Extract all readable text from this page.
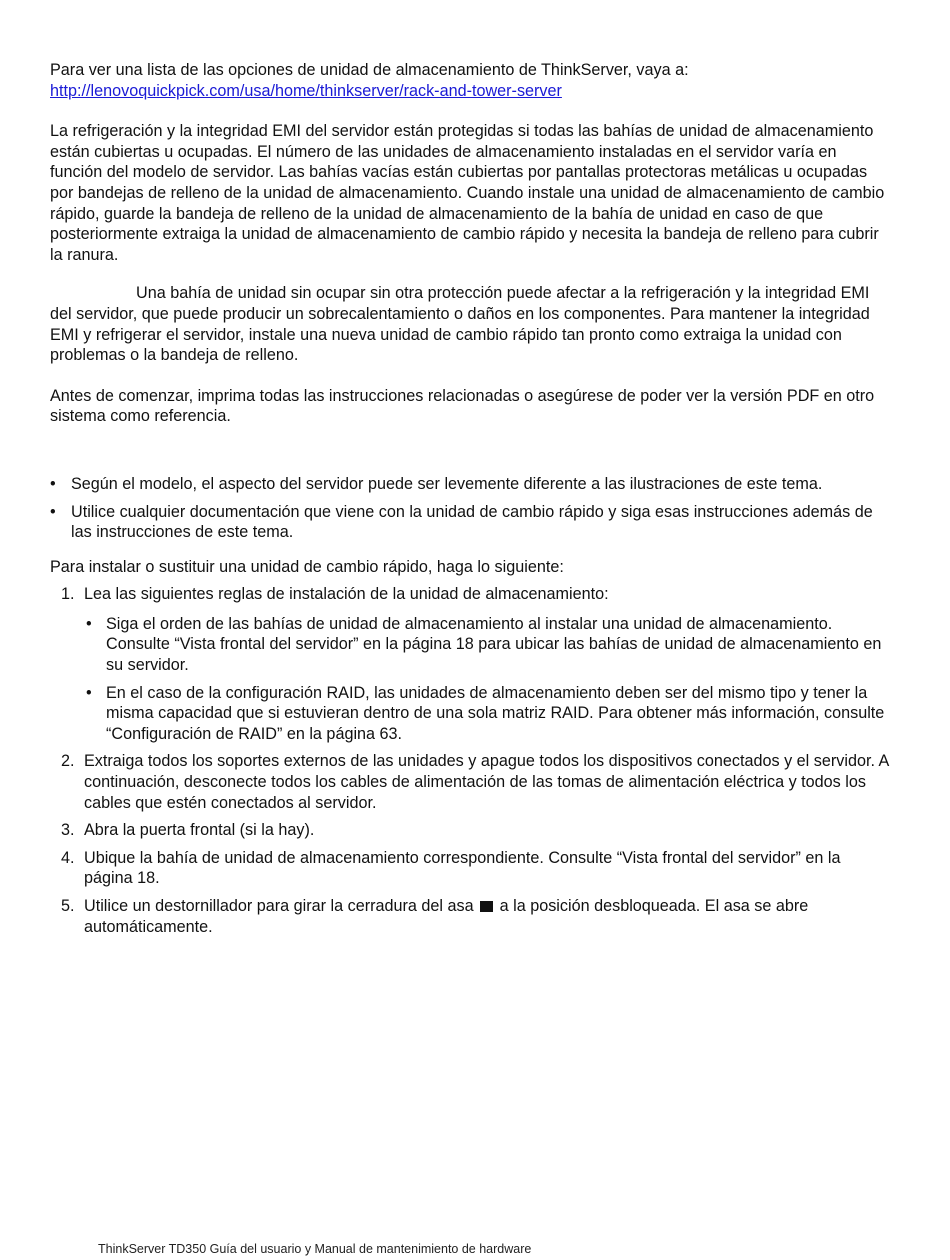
Para ver una lista de las opciones de unidad de almacenamiento de ThinkServer, vaya a:
http://lenovoquickpick.com/usa/home/thinkserver/rack-and-tower-server

La refrigeración y la integridad EMI del servidor están protegidas si todas las bahías de unidad de almacenamiento están cubiertas u ocupadas. El número de las unidades de almacenamiento instaladas en el servidor varía en función del modelo de servidor. Las bahías vacías están cubiertas por pantallas protectoras metálicas u ocupadas por bandejas de relleno de la unidad de almacenamiento. Cuando instale una unidad de almacenamiento de cambio rápido, guarde la bandeja de relleno de la unidad de almacenamiento de la bahía de unidad en caso de que posteriormente extraiga la unidad de almacenamiento de cambio rápido y necesita la bandeja de relleno para cubrir la ranura.

Una bahía de unidad sin ocupar sin otra protección puede afectar a la refrigeración y la integridad EMI del servidor, que puede producir un sobrecalentamiento o daños en los componentes. Para mantener la integridad EMI y refrigerar el servidor, instale una nueva unidad de cambio rápido tan pronto como extraiga la unidad con problemas o la bandeja de relleno.

Antes de comenzar, imprima todas las instrucciones relacionadas o asegúrese de poder ver la versión PDF en otro sistema como referencia.

• Según el modelo, el aspecto del servidor puede ser levemente diferente a las ilustraciones de este tema.
• Utilice cualquier documentación que viene con la unidad de cambio rápido y siga esas instrucciones además de las instrucciones de este tema.

Para instalar o sustituir una unidad de cambio rápido, haga lo siguiente:

1. Lea las siguientes reglas de instalación de la unidad de almacenamiento:
• Siga el orden de las bahías de unidad de almacenamiento al instalar una unidad de almacenamiento. Consulte “Vista frontal del servidor” en la página 18 para ubicar las bahías de unidad de almacenamiento en su servidor.
• En el caso de la configuración RAID, las unidades de almacenamiento deben ser del mismo tipo y tener la misma capacidad que si estuvieran dentro de una sola matriz RAID. Para obtener más información, consulte “Configuración de RAID” en la página 63.
2. Extraiga todos los soportes externos de las unidades y apague todos los dispositivos conectados y el servidor. A continuación, desconecte todos los cables de alimentación de las tomas de alimentación eléctrica y todos los cables que estén conectados al servidor.
3. Abra la puerta frontal (si la hay).
4. Ubique la bahía de unidad de almacenamiento correspondiente. Consulte “Vista frontal del servidor” en la página 18.
5. Utilice un destornillador para girar la cerradura del asa a la posición desbloqueada. El asa se abre automáticamente.
ThinkServer TD350 Guía del usuario y Manual de mantenimiento de hardware
